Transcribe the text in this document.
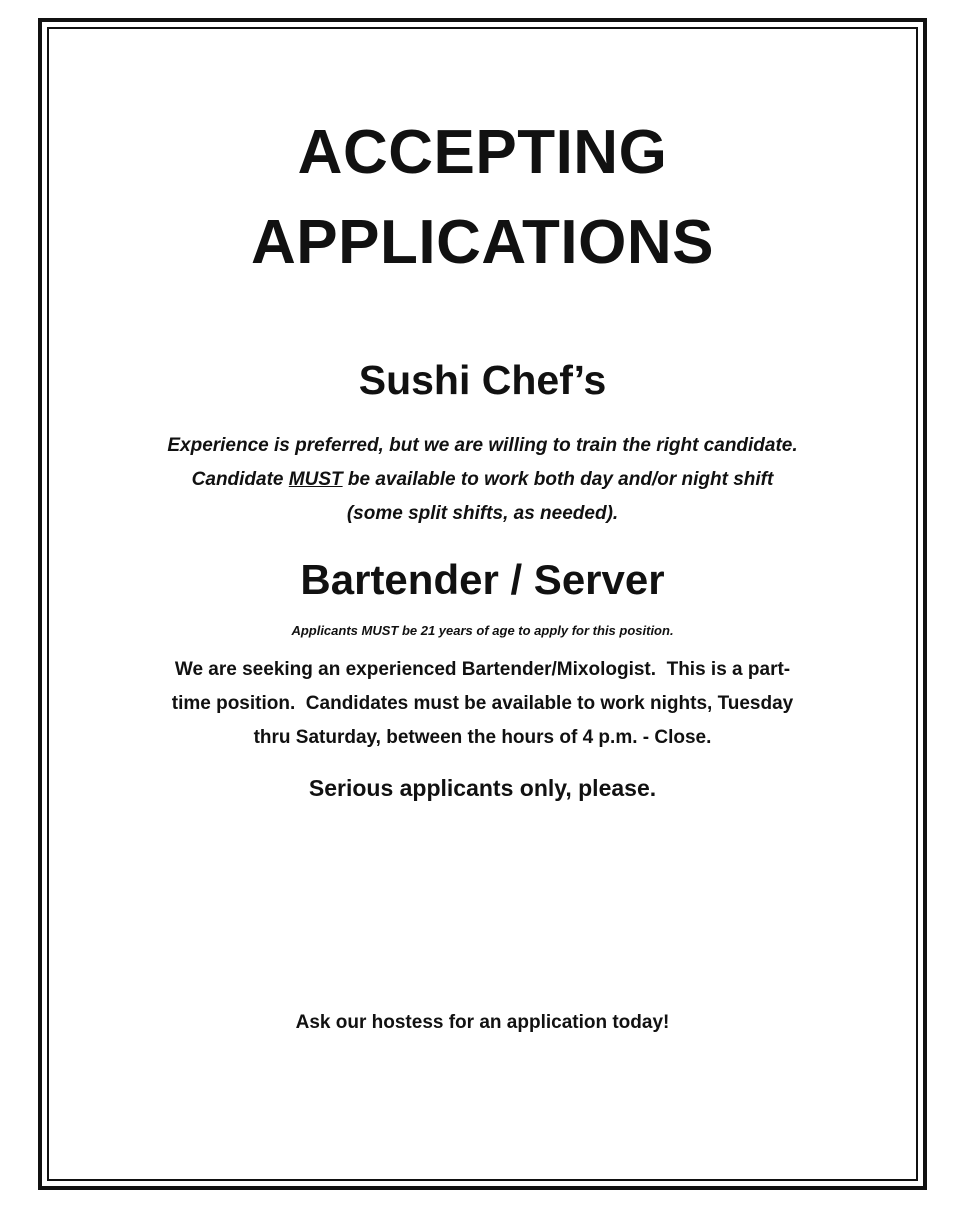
ACCEPTING
APPLICATIONS
Sushi Chef’s
Experience is preferred, but we are willing to train the right candidate.
Candidate MUST be available to work both day and/or night shift
(some split shifts, as needed).
Bartender / Server
Applicants MUST be 21 years of age to apply for this position.
We are seeking an experienced Bartender/Mixologist.  This is a part-
time position.  Candidates must be available to work nights, Tuesday
thru Saturday, between the hours of 4 p.m. - Close.
Serious applicants only, please.
Ask our hostess for an application today!
